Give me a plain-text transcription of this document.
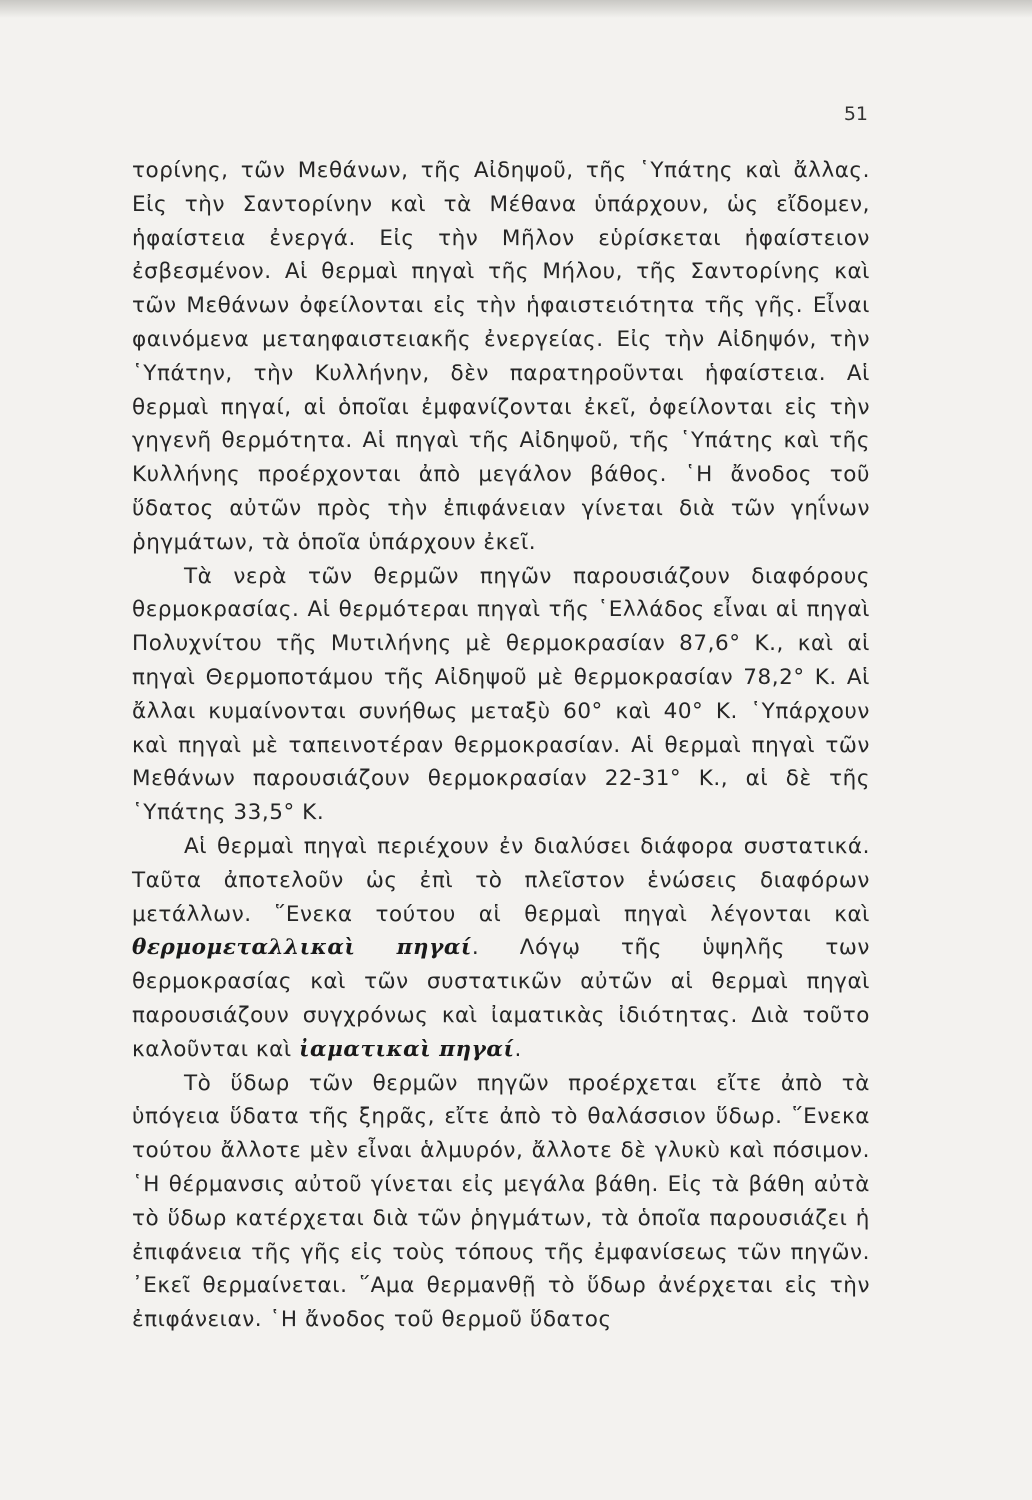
51

τορίνης, τῶν Μεθάνων, τῆς Αἰδηψοῦ, τῆς ῾Υπάτης καὶ ἄλλας. Εἰς τὴν Σαντορίνην καὶ τὰ Μέθανα ὑπάρχουν, ὡς εἴδομεν, ἡφαίστεια ἐνεργά. Εἰς τὴν Μῆλον εὑρίσκεται ἡφαίστειον ἐσβεσμένον. Αἱ θερμαὶ πηγαὶ τῆς Μήλου, τῆς Σαντορίνης καὶ τῶν Μεθάνων ὀφείλονται εἰς τὴν ἡφαιστειότητα τῆς γῆς. Εἶναι φαινόμενα μεταηφαιστειακῆς ἐνεργείας. Εἰς τὴν Αἰδηψόν, τὴν ῾Υπάτην, τὴν Κυλλήνην, δὲν παρατηροῦνται ἡφαίστεια. Αἱ θερμαὶ πηγαί, αἱ ὁποῖαι ἐμφανίζονται ἐκεῖ, ὀφείλονται εἰς τὴν γηγενῆ θερμότητα. Αἱ πηγαὶ τῆς Αἰδηψοῦ, τῆς ῾Υπάτης καὶ τῆς Κυλλήνης προέρχονται ἀπὸ μεγάλον βάθος. ῾Η ἄνοδος τοῦ ὕδατος αὐτῶν πρὸς τὴν ἐπιφάνειαν γίνεται διὰ τῶν γηΐνων ῥηγμάτων, τὰ ὁποῖα ὑπάρχουν ἐκεῖ.

Τὰ νερὰ τῶν θερμῶν πηγῶν παρουσιάζουν διαφόρους θερμοκρασίας. Αἱ θερμότεραι πηγαὶ τῆς ῾Ελλάδος εἶναι αἱ πηγαὶ Πολυχνίτου τῆς Μυτιλήνης μὲ θερμοκρασίαν 87,6° Κ., καὶ αἱ πηγαὶ Θερμοποτάμου τῆς Αἰδηψοῦ μὲ θερμοκρασίαν 78,2° Κ. Αἱ ἄλλαι κυμαίνονται συνήθως μεταξὺ 60° καὶ 40° Κ. ῾Υπάρχουν καὶ πηγαὶ μὲ ταπεινοτέραν θερμοκρασίαν. Αἱ θερμαὶ πηγαὶ τῶν Μεθάνων παρουσιάζουν θερμοκρασίαν 22-31° Κ., αἱ δὲ τῆς ῾Υπάτης 33,5° Κ.

Αἱ θερμαὶ πηγαὶ περιέχουν ἐν διαλύσει διάφορα συστατικά. Ταῦτα ἀποτελοῦν ὡς ἐπὶ τὸ πλεῖστον ἑνώσεις διαφόρων μετάλλων. ῞Ενεκα τούτου αἱ θερμαὶ πηγαὶ λέγονται καὶ θερμομεταλλικαὶ πηγαί. Λόγῳ τῆς ὑψηλῆς των θερμοκρασίας καὶ τῶν συστατικῶν αὐτῶν αἱ θερμαὶ πηγαὶ παρουσιάζουν συγχρόνως καὶ ἰαματικὰς ἰδιότητας. Διὰ τοῦτο καλοῦνται καὶ ἰαματικαὶ πηγαί.

Τὸ ὕδωρ τῶν θερμῶν πηγῶν προέρχεται εἴτε ἀπὸ τὰ ὑπόγεια ὕδατα τῆς ξηρᾶς, εἴτε ἀπὸ τὸ θαλάσσιον ὕδωρ. ῞Ενεκα τούτου ἄλλοτε μὲν εἶναι ἁλμυρόν, ἄλλοτε δὲ γλυκὺ καὶ πόσιμον. ῾Η θέρμανσις αὐτοῦ γίνεται εἰς μεγάλα βάθη. Εἰς τὰ βάθη αὐτὰ τὸ ὕδωρ κατέρχεται διὰ τῶν ῥηγμάτων, τὰ ὁποῖα παρουσιάζει ἡ ἐπιφάνεια τῆς γῆς εἰς τοὺς τόπους τῆς ἐμφανίσεως τῶν πηγῶν. ᾿Εκεῖ θερμαίνεται. ῞Αμα θερμανθῇ τὸ ὕδωρ ἀνέρχεται εἰς τὴν ἐπιφάνειαν. ῾Η ἄνοδος τοῦ θερμοῦ ὕδατος
